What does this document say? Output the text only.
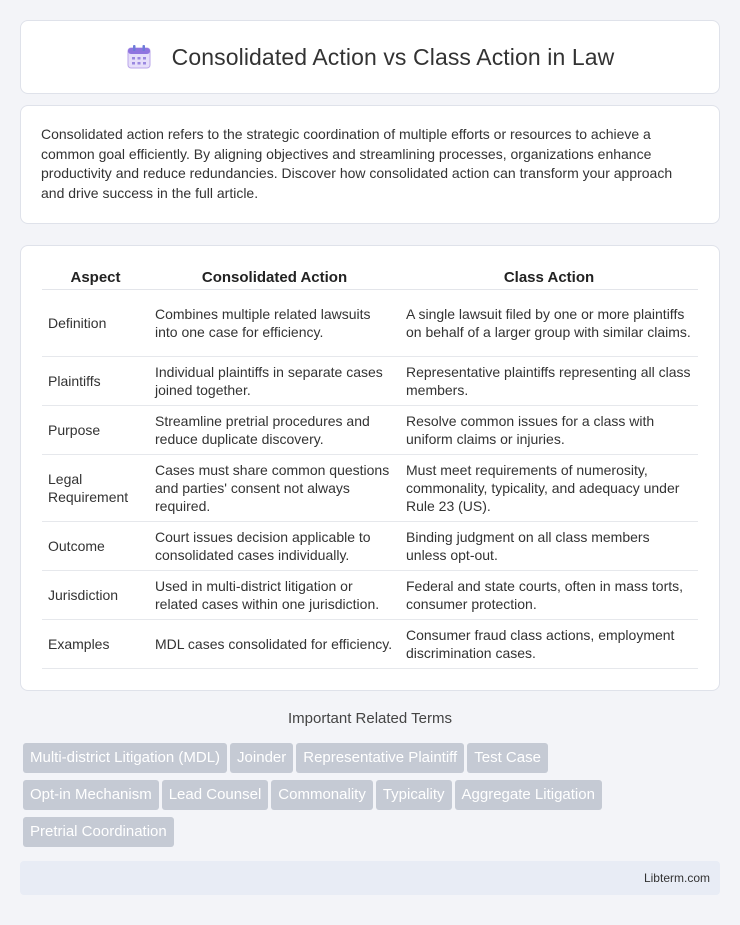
Consolidated Action vs Class Action in Law

Consolidated action refers to the strategic coordination of multiple efforts or resources to achieve a common goal efficiently. By aligning objectives and streamlining processes, organizations enhance productivity and reduce redundancies. Discover how consolidated action can transform your approach and drive success in the full article.

Aspect	Consolidated Action	Class Action
Definition	Combines multiple related lawsuits into one case for efficiency.	A single lawsuit filed by one or more plaintiffs on behalf of a larger group with similar claims.
Plaintiffs	Individual plaintiffs in separate cases joined together.	Representative plaintiffs representing all class members.
Purpose	Streamline pretrial procedures and reduce duplicate discovery.	Resolve common issues for a class with uniform claims or injuries.
Legal Requirement	Cases must share common questions and parties' consent not always required.	Must meet requirements of numerosity, commonality, typicality, and adequacy under Rule 23 (US).
Outcome	Court issues decision applicable to consolidated cases individually.	Binding judgment on all class members unless opt-out.
Jurisdiction	Used in multi-district litigation or related cases within one jurisdiction.	Federal and state courts, often in mass torts, consumer protection.
Examples	MDL cases consolidated for efficiency.	Consumer fraud class actions, employment discrimination cases.
Important Related Terms
Multi-district Litigation (MDL) Joinder Representative Plaintiff Test Case
Opt-in Mechanism Lead Counsel Commonality Typicality Aggregate Litigation
Pretrial Coordination
Libterm.com
